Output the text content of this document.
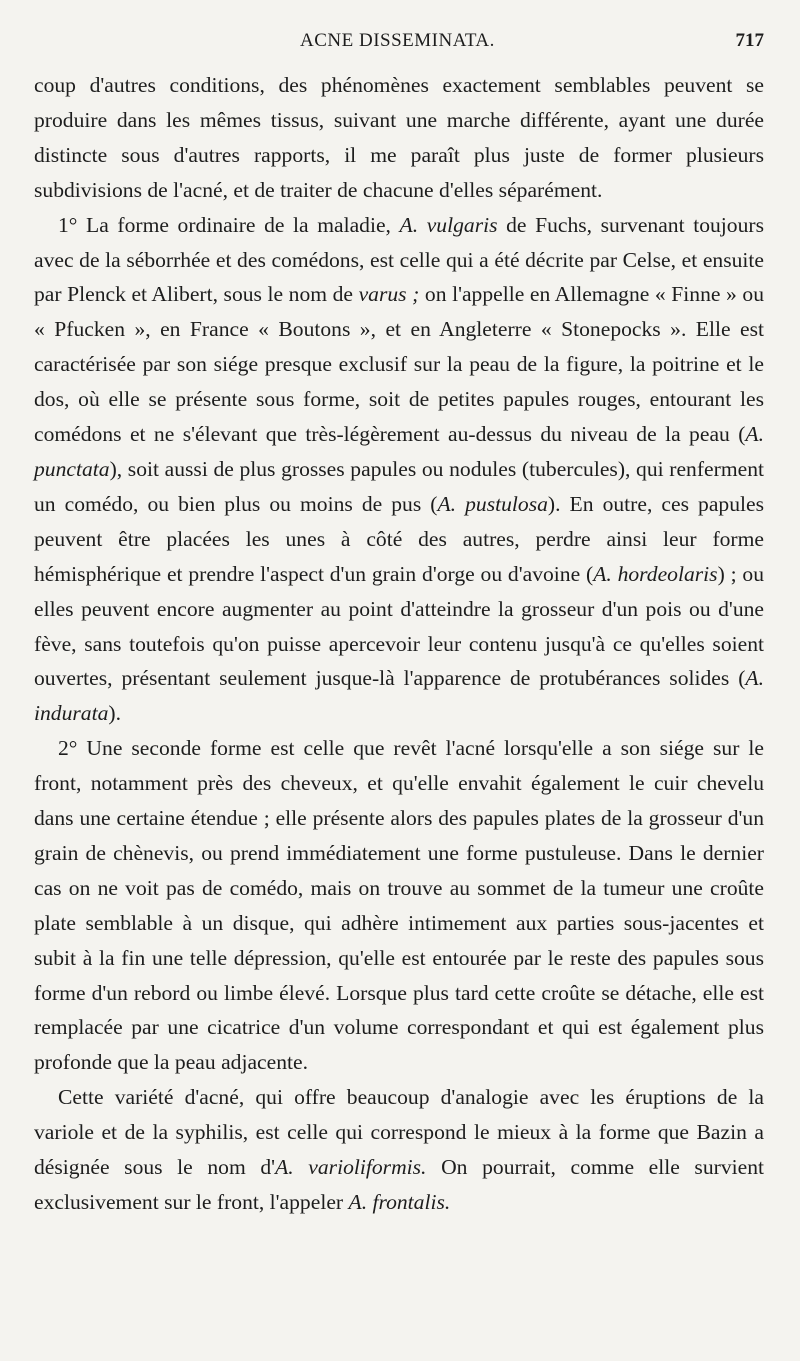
ACNE DISSEMINATA.	717

coup d'autres conditions, des phénomènes exactement semblables peuvent se produire dans les mêmes tissus, suivant une marche différente, ayant une durée distincte sous d'autres rapports, il me paraît plus juste de former plusieurs subdivisions de l'acné, et de traiter de chacune d'elles séparément.

1° La forme ordinaire de la maladie, A. vulgaris de Fuchs, survenant toujours avec de la séborrhée et des comédons, est celle qui a été décrite par Celse, et ensuite par Plenck et Alibert, sous le nom de varus ; on l'appelle en Allemagne « Finne » ou « Pfucken », en France « Boutons », et en Angleterre « Stonepocks ». Elle est caractérisée par son siége presque exclusif sur la peau de la figure, la poitrine et le dos, où elle se présente sous forme, soit de petites papules rouges, entourant les comédons et ne s'élevant que très-légèrement au-dessus du niveau de la peau (A. punctata), soit aussi de plus grosses papules ou nodules (tubercules), qui renferment un comédo, ou bien plus ou moins de pus (A. pustulosa). En outre, ces papules peuvent être placées les unes à côté des autres, perdre ainsi leur forme hémisphérique et prendre l'aspect d'un grain d'orge ou d'avoine (A. hordeolaris) ; ou elles peuvent encore augmenter au point d'atteindre la grosseur d'un pois ou d'une fève, sans toutefois qu'on puisse apercevoir leur contenu jusqu'à ce qu'elles soient ouvertes, présentant seulement jusque-là l'apparence de protubérances solides (A. indurata).

2° Une seconde forme est celle que revêt l'acné lorsqu'elle a son siége sur le front, notamment près des cheveux, et qu'elle envahit également le cuir chevelu dans une certaine étendue ; elle présente alors des papules plates de la grosseur d'un grain de chènevis, ou prend immédiatement une forme pustuleuse. Dans le dernier cas on ne voit pas de comédo, mais on trouve au sommet de la tumeur une croûte plate semblable à un disque, qui adhère intimement aux parties sous-jacentes et subit à la fin une telle dépression, qu'elle est entourée par le reste des papules sous forme d'un rebord ou limbe élevé. Lorsque plus tard cette croûte se détache, elle est remplacée par une cicatrice d'un volume correspondant et qui est également plus profonde que la peau adjacente.

Cette variété d'acné, qui offre beaucoup d'analogie avec les éruptions de la variole et de la syphilis, est celle qui correspond le mieux à la forme que Bazin a désignée sous le nom d'A. varioliformis. On pourrait, comme elle survient exclusivement sur le front, l'appeler A. frontalis.
